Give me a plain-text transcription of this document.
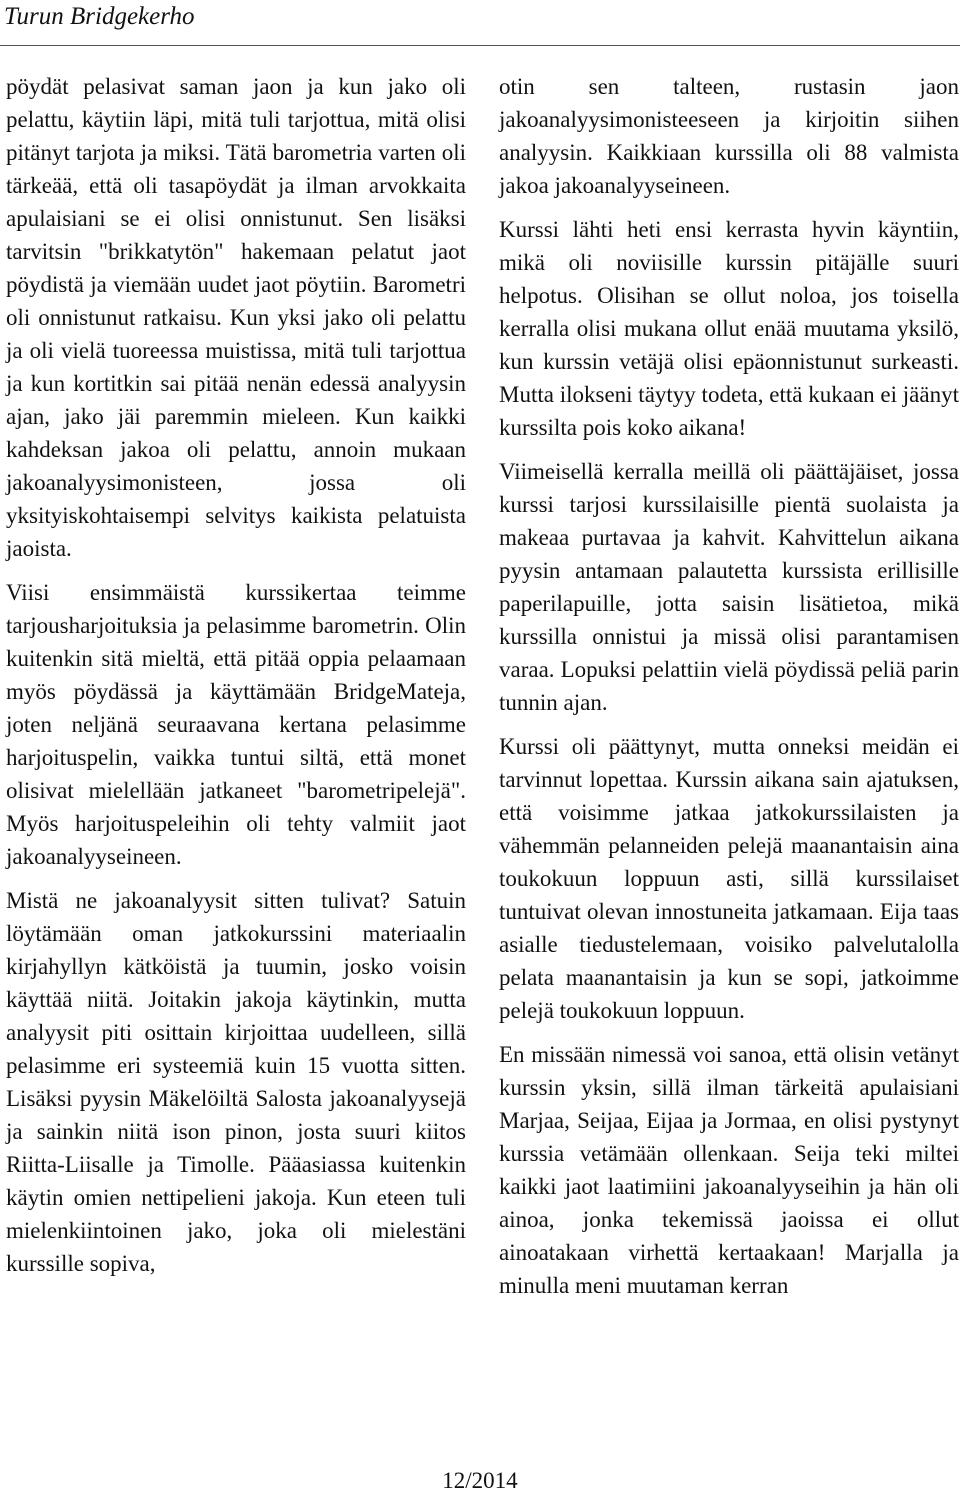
Turun Bridgekerho

pöydät pelasivat saman jaon ja kun jako oli pelattu, käytiin läpi, mitä tuli tarjottua, mitä olisi pitänyt tarjota ja miksi. Tätä barometria varten oli tärkeää, että oli tasapöydät ja ilman arvokkaita apulaisiani se ei olisi onnistunut. Sen lisäksi tarvitsin "brikkatytön" hakemaan pelatut jaot pöydistä ja viemään uudet jaot pöytiin. Barometri oli onnistunut ratkaisu. Kun yksi jako oli pelattu ja oli vielä tuoreessa muistissa, mitä tuli tarjottua ja kun kortitkin sai pitää nenän edessä analyysin ajan, jako jäi paremmin mieleen. Kun kaikki kahdeksan jakoa oli pelattu, annoin mukaan jakoanalyysimonisteen, jossa oli yksityiskohtaisempi selvitys kaikista pelatuista jaoista.

Viisi ensimmäistä kurssikertaa teimme tarjousharjoituksia ja pelasimme barometrin. Olin kuitenkin sitä mieltä, että pitää oppia pelaamaan myös pöydässä ja käyttämään BridgeMateja, joten neljänä seuraavana kertana pelasimme harjoituspelin, vaikka tuntui siltä, että monet olisivat mielellään jatkaneet "barometripelejä". Myös harjoituspeleihin oli tehty valmiit jaot jakoanalyyseineen.

Mistä ne jakoanalyysit sitten tulivat? Satuin löytämään oman jatkokurssini materiaalin kirjahyllyn kätköistä ja tuumin, josko voisin käyttää niitä. Joitakin jakoja käytinkin, mutta analyysit piti osittain kirjoittaa uudelleen, sillä pelasimme eri systeemiä kuin 15 vuotta sitten. Lisäksi pyysin Mäkelöiltä Salosta jakoanalyysejä ja sainkin niitä ison pinon, josta suuri kiitos Riitta-Liisalle ja Timolle. Pääasiassa kuitenkin käytin omien nettipelieni jakoja. Kun eteen tuli mielenkiintoinen jako, joka oli mielestäni kurssille sopiva,

otin sen talteen, rustasin jaon jakoanalyysimonisteeseen ja kirjoitin siihen analyysin. Kaikkiaan kurssilla oli 88 valmista jakoa jakoanalyyseineen.

Kurssi lähti heti ensi kerrasta hyvin käyntiin, mikä oli noviisille kurssin pitäjälle suuri helpotus. Olisihan se ollut noloa, jos toisella kerralla olisi mukana ollut enää muutama yksilö, kun kurssin vetäjä olisi epäonnistunut surkeasti. Mutta ilokseni täytyy todeta, että kukaan ei jäänyt kurssilta pois koko aikana!

Viimeisellä kerralla meillä oli päättäjäiset, jossa kurssi tarjosi kurssilaisille pientä suolaista ja makeaa purtavaa ja kahvit. Kahvittelun aikana pyysin antamaan palautetta kurssista erillisille paperilapuille, jotta saisin lisätietoa, mikä kurssilla onnistui ja missä olisi parantamisen varaa. Lopuksi pelattiin vielä pöydissä peliä parin tunnin ajan.

Kurssi oli päättynyt, mutta onneksi meidän ei tarvinnut lopettaa. Kurssin aikana sain ajatuksen, että voisimme jatkaa jatkokurssilaisten ja vähemmän pelanneiden pelejä maanantaisin aina toukokuun loppuun asti, sillä kurssilaiset tuntuivat olevan innostuneita jatkamaan. Eija taas asialle tiedustelemaan, voisiko palvelutalolla pelata maanantaisin ja kun se sopi, jatkoimme pelejä toukokuun loppuun.

En missään nimessä voi sanoa, että olisin vetänyt kurssin yksin, sillä ilman tärkeitä apulaisiani Marjaa, Seijaa, Eijaa ja Jormaa, en olisi pystynyt kurssia vetämään ollenkaan. Seija teki miltei kaikki jaot laatimiini jakoanalyyseihin ja hän oli ainoa, jonka tekemissä jaoissa ei ollut ainoatakaan virhettä kertaakaan! Marjalla ja minulla meni muutaman kerran

12/2014
